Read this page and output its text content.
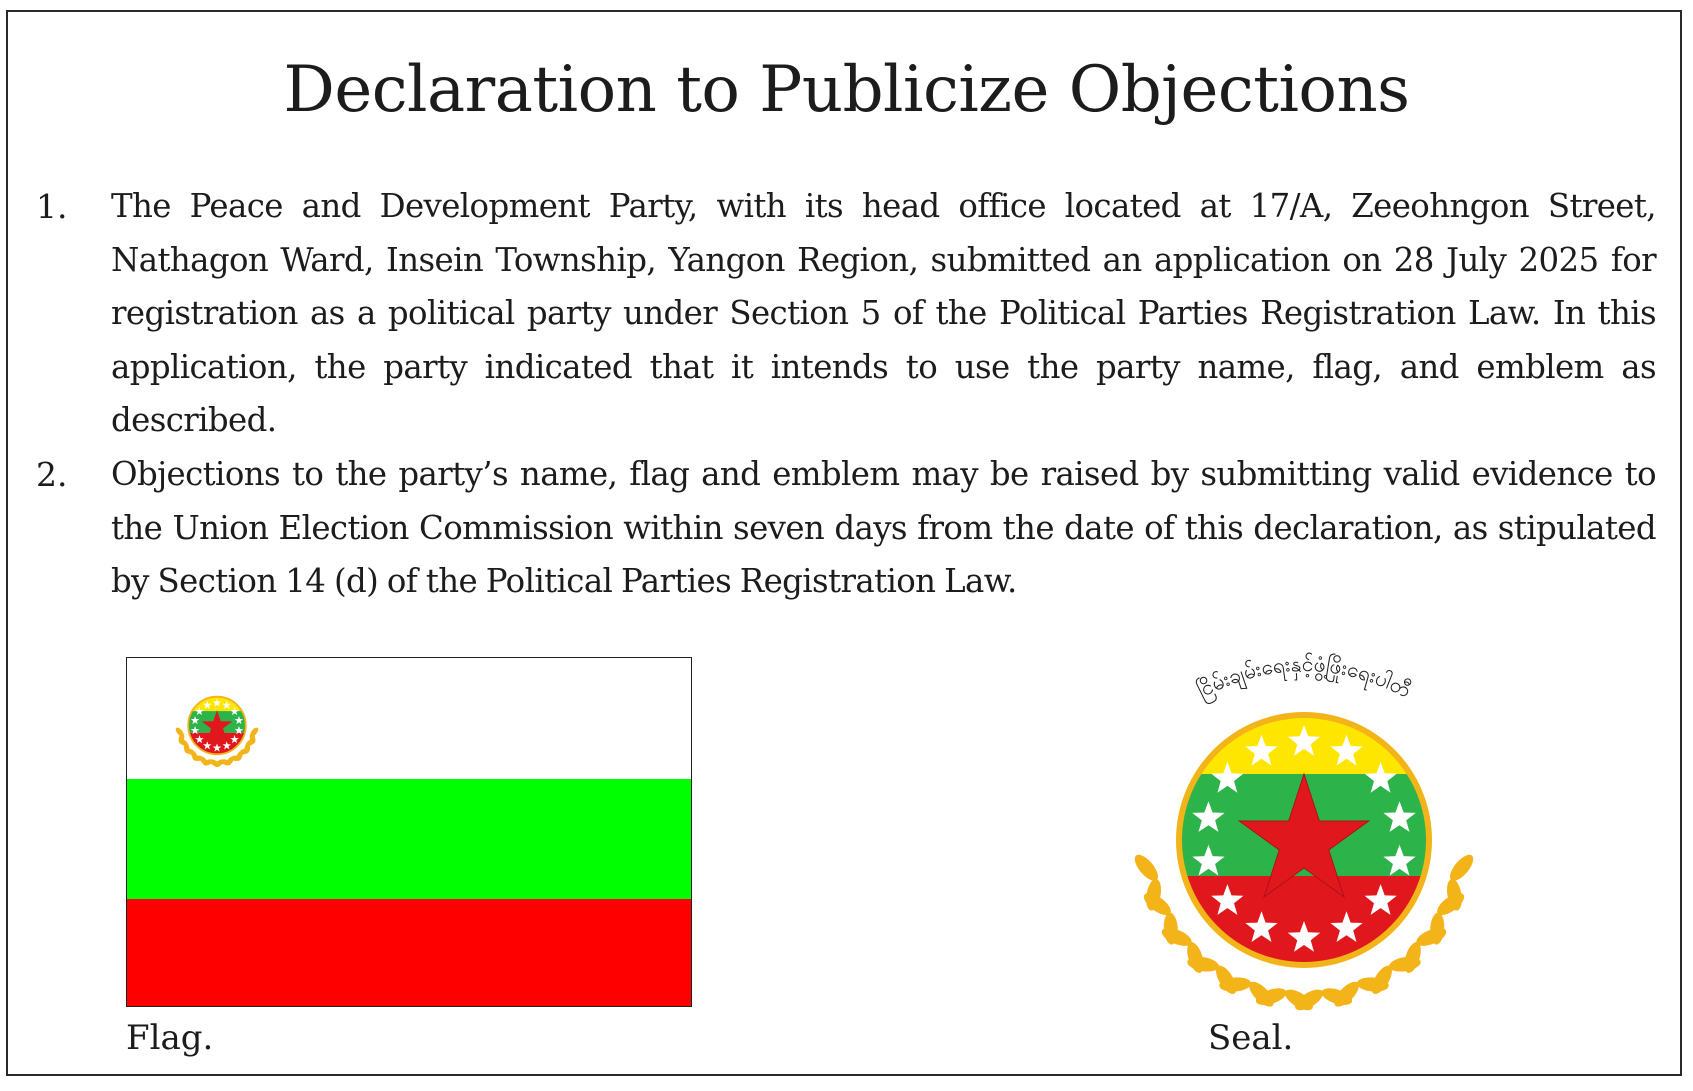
Declaration to Publicize Objections
1.	The Peace and Development Party, with its head office located at 17/A, Zeeohngon Street, Nathagon Ward, Insein Township, Yangon Region, submitted an application on 28 July 2025 for registration as a political party under Section 5 of the Political Parties Registration Law. In this application, the party indicated that it intends to use the party name, flag, and emblem as described.
2.	Objections to the party’s name, flag and emblem may be raised by submitting valid evidence to the Union Election Commission within seven days from the date of this declaration, as stipulated by Section 14 (d) of the Political Parties Registration Law.
Flag.
ငြိမ်းချမ်းရေးနှင့်ဖွံ့ဖြိုးရေးပါတီ
Seal.
